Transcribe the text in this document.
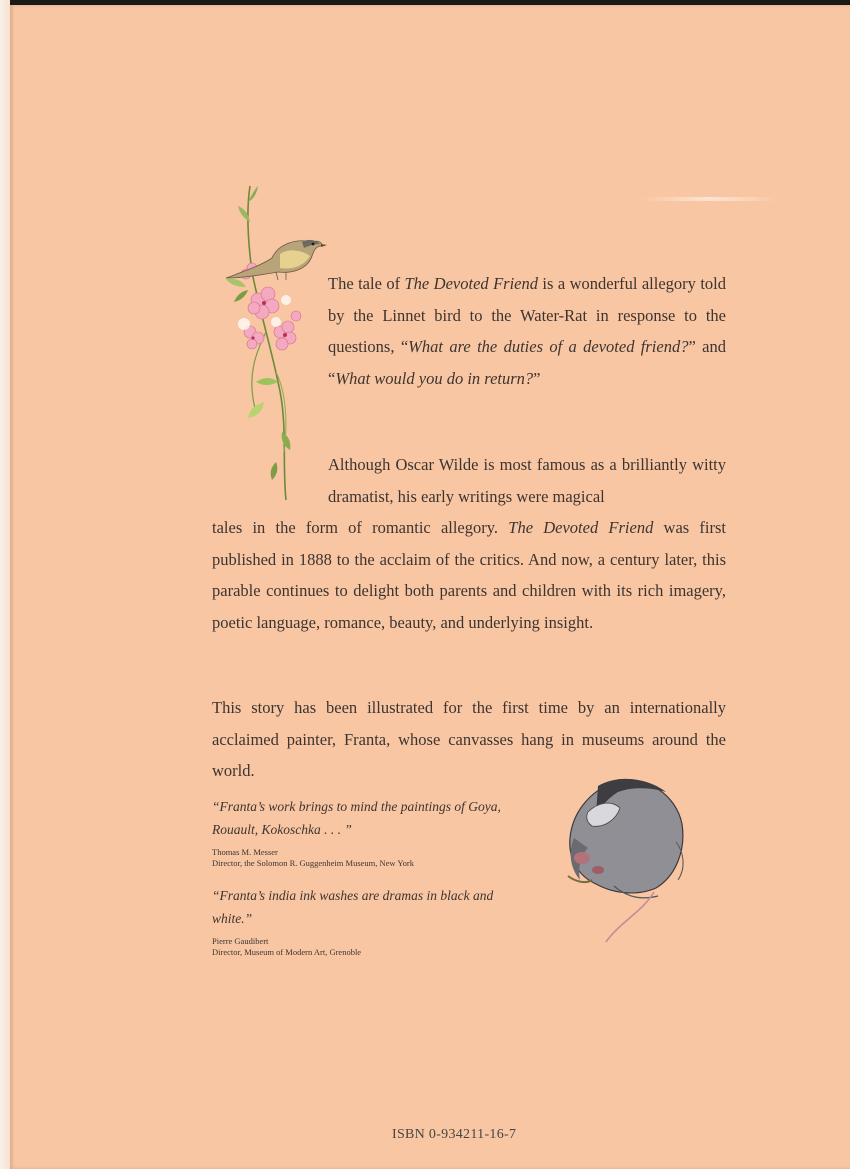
The tale of The Devoted Friend is a wonderful allegory told by the Linnet bird to the Water-Rat in response to the questions, “What are the duties of a devoted friend?” and “What would you do in return?”

Although Oscar Wilde is most famous as a brilliantly witty dramatist, his early writings were magical

tales in the form of romantic allegory. The Devoted Friend was first published in 1888 to the acclaim of the critics. And now, a century later, this parable continues to delight both parents and children with its rich imagery, poetic language, romance, beauty, and underlying insight.

This story has been illustrated for the first time by an internationally acclaimed painter, Franta, whose canvasses hang in museums around the world.

“Franta’s work brings to mind the paintings of Goya, Rouault, Kokoschka . . . ”

Thomas M. Messer
Director, the Solomon R. Guggenheim Museum, New York

“Franta’s india ink washes are dramas in black and white.”

Pierre Gaudibert
Director, Museum of Modern Art, Grenoble

ISBN 0-934211-16-7
